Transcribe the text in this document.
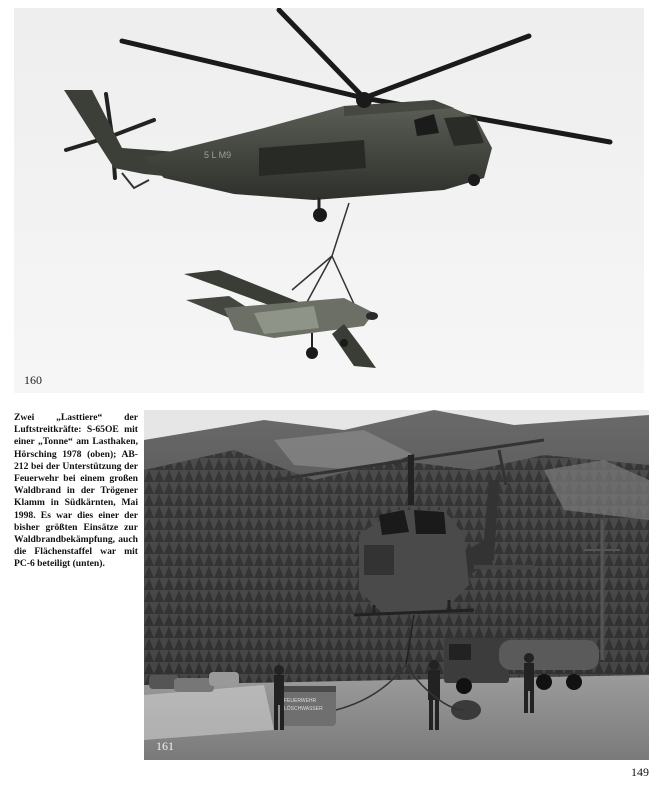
5 L M9
160
Zwei „Lasttiere“ der Luftstreitkräfte: S-65OE mit einer „Tonne“ am Lasthaken, Hörsching 1978 (oben); AB-212 bei der Unterstützung der Feuerwehr bei einem großen Waldbrand in der Trögener Klamm in Südkärnten, Mai 1998. Es war dies einer der bisher größten Einsätze zur Waldbrandbekämpfung, auch die Flächenstaffel war mit PC-6 beteiligt (unten).
FEUERWEHR
LÖSCHWASSER
161
149
